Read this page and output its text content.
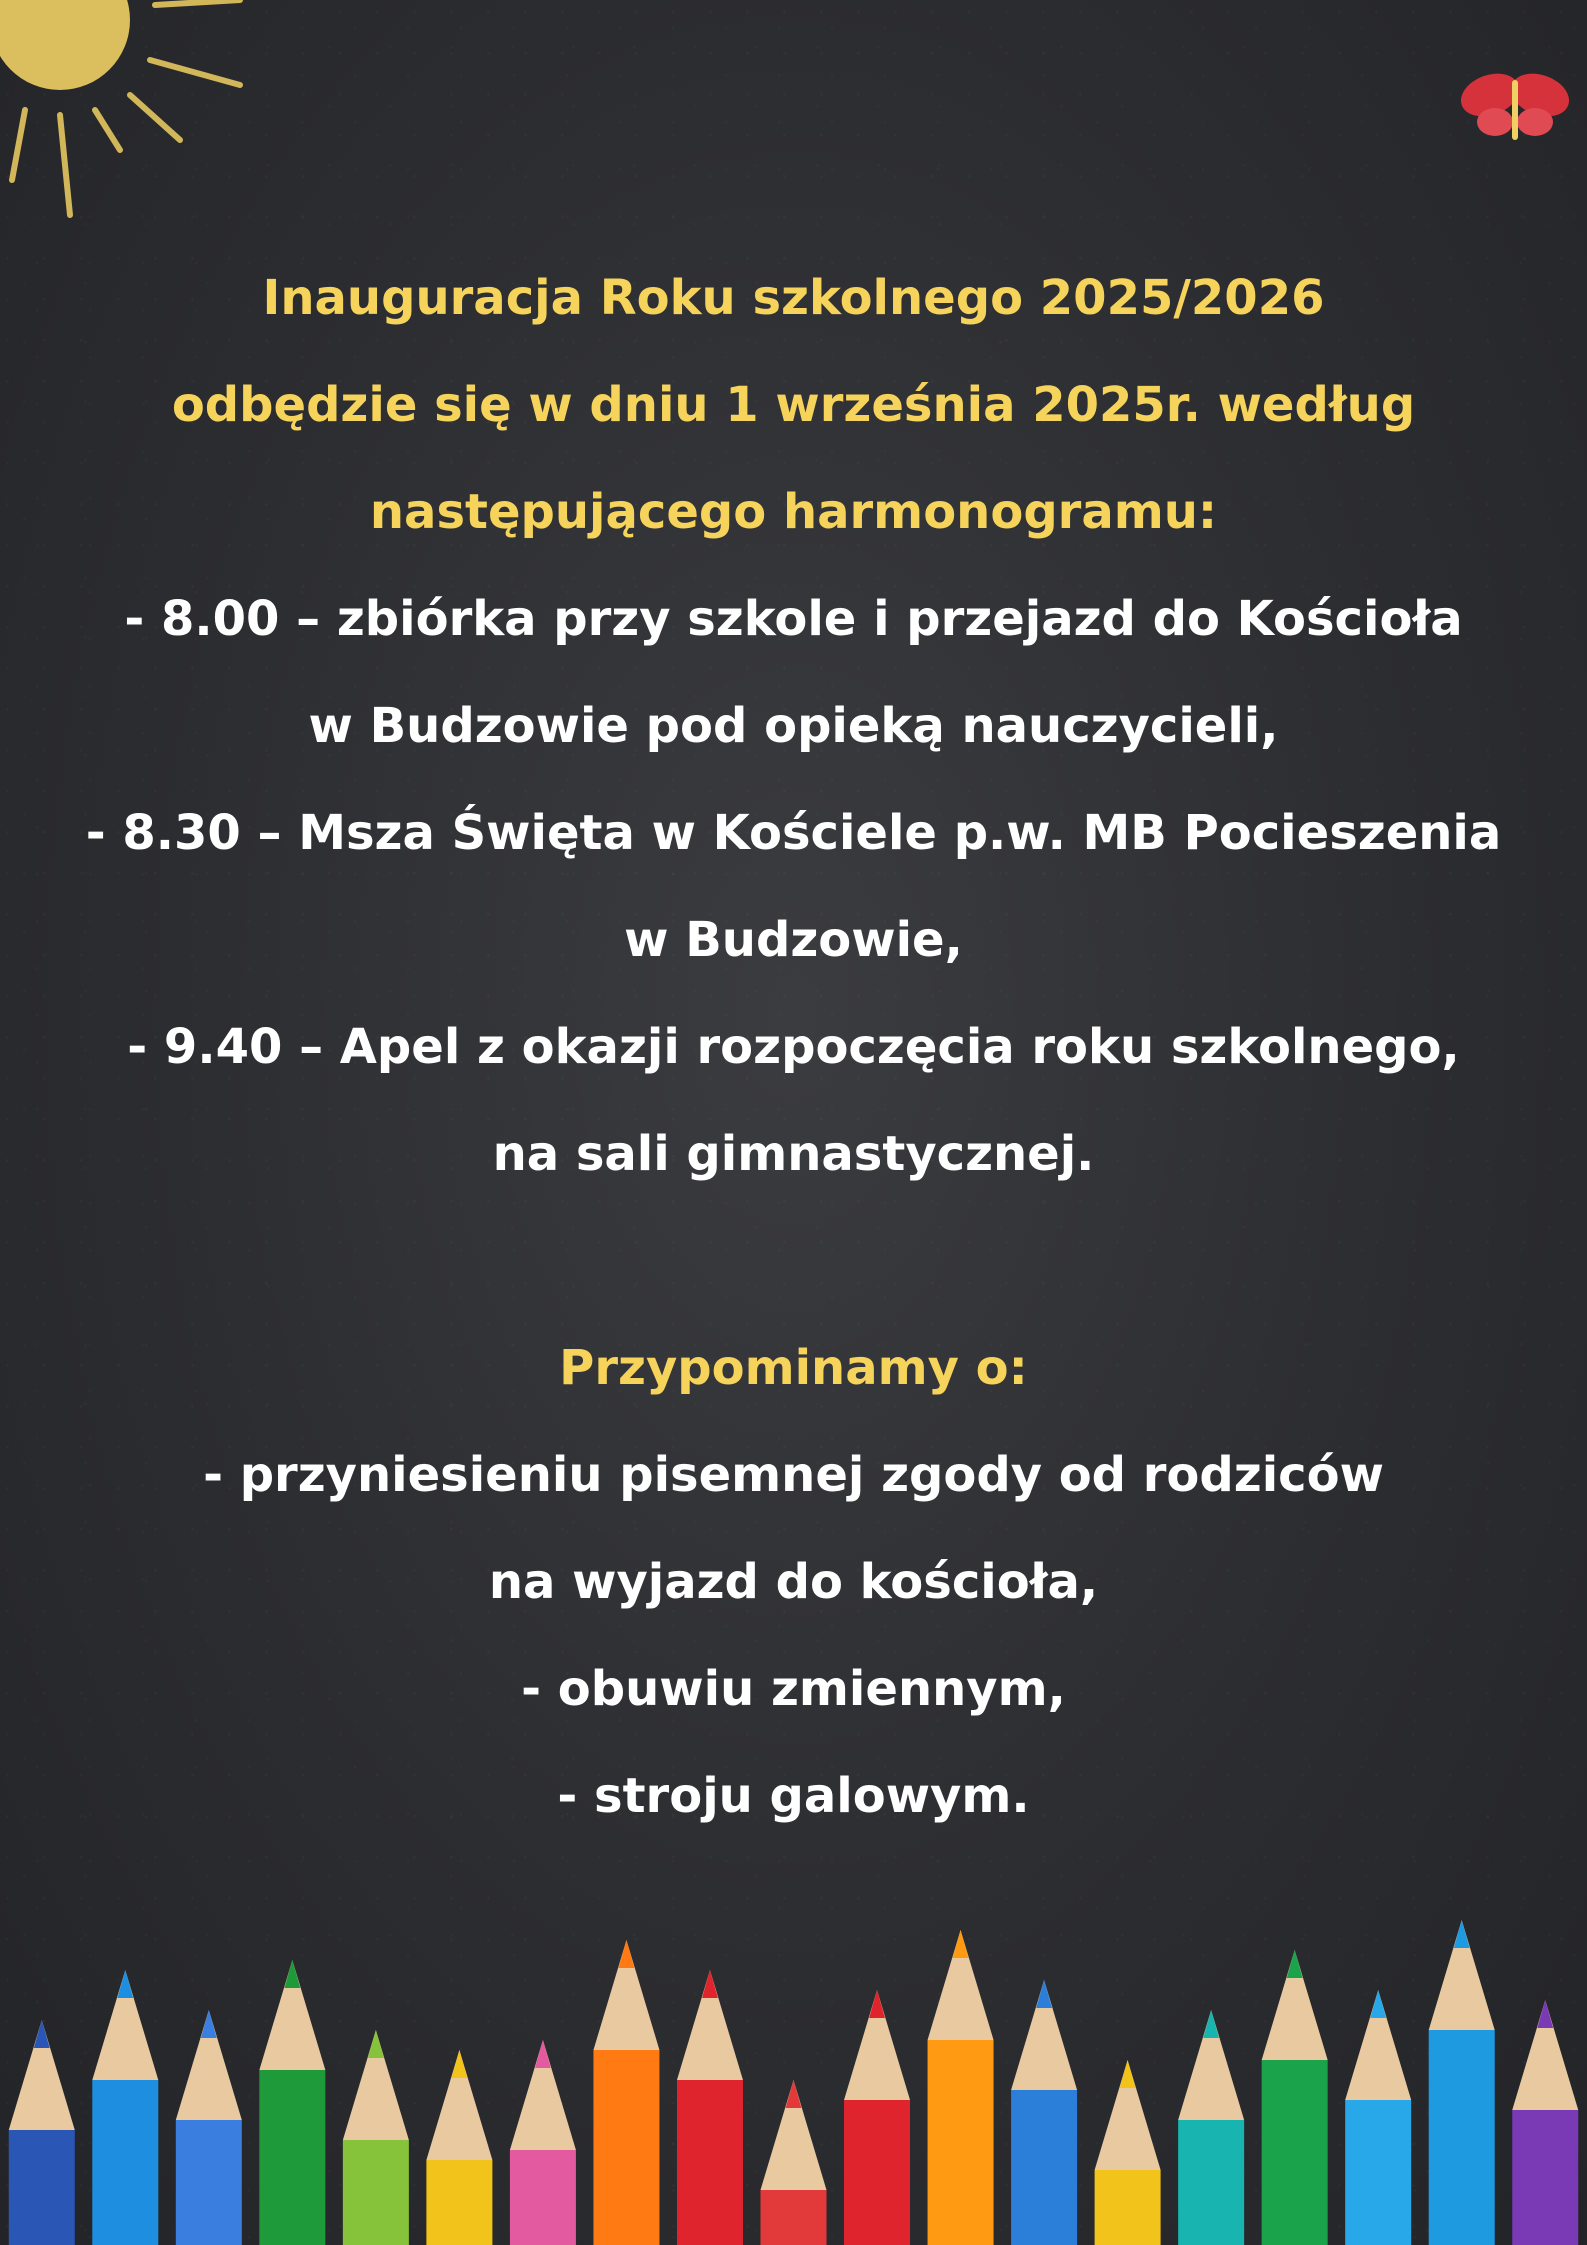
Inauguracja Roku szkolnego 2025/2026
odbędzie się w dniu 1 września 2025r. według
następującego harmonogramu:
- 8.00 – zbiórka przy szkole i przejazd do Kościoła
w Budzowie pod opieką nauczycieli,
- 8.30 – Msza Święta w Kościele p.w. MB Pocieszenia
w Budzowie,
- 9.40 – Apel z okazji rozpoczęcia roku szkolnego,
na sali gimnastycznej.
Przypominamy o:
- przyniesieniu pisemnej zgody od rodziców
na wyjazd do kościoła,
- obuwiu zmiennym,
- stroju galowym.
